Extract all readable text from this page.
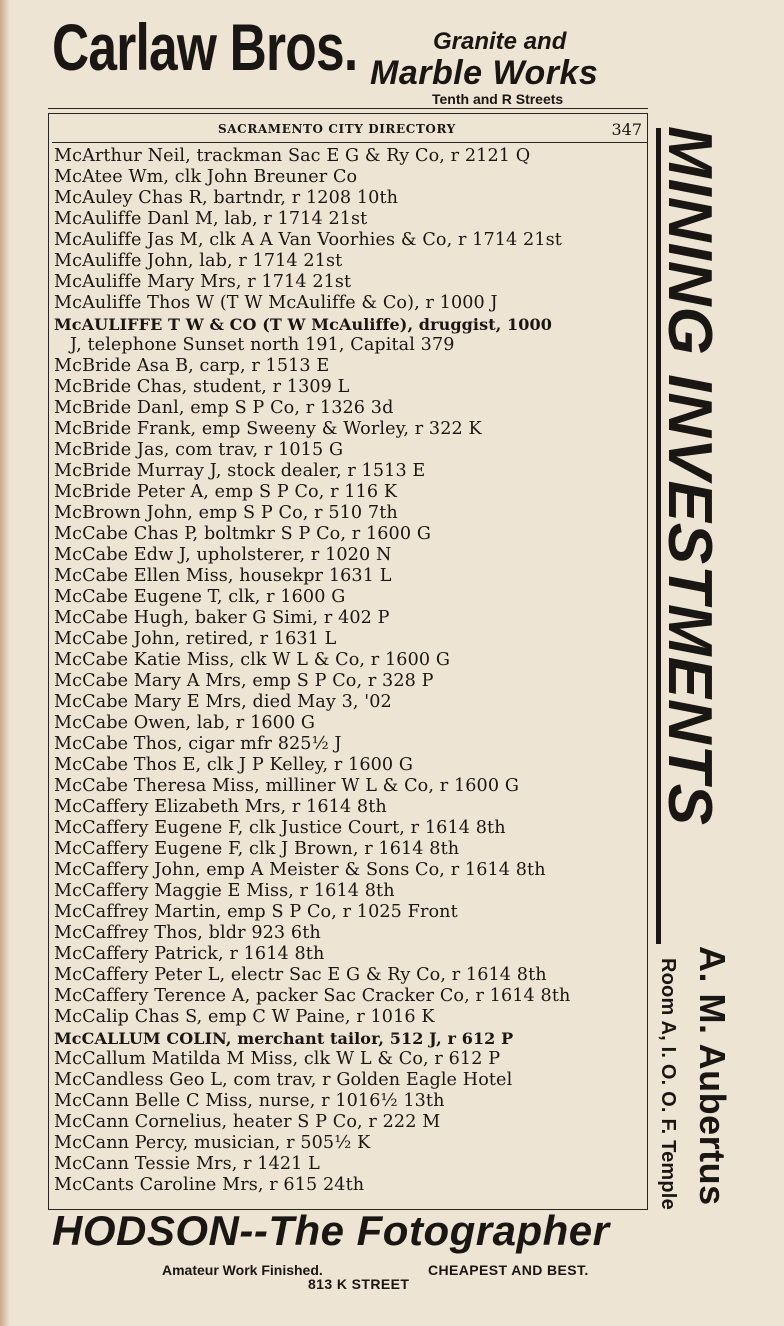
Carlaw Bros.	Granite and
Marble Works
Tenth and R Streets
SACRAMENTO CITY DIRECTORY	347
McArthur Neil, trackman Sac E G & Ry Co, r 2121 Q
McAtee Wm, clk John Breuner Co
McAuley Chas R, bartndr, r 1208 10th
McAuliffe Danl M, lab, r 1714 21st
McAuliffe Jas M, clk A A Van Voorhies & Co, r 1714 21st
McAuliffe John, lab, r 1714 21st
McAuliffe Mary Mrs, r 1714 21st
McAuliffe Thos W (T W McAuliffe & Co), r 1000 J
McAULIFFE T W & CO (T W McAuliffe), druggist, 1000
J, telephone Sunset north 191, Capital 379
McBride Asa B, carp, r 1513 E
McBride Chas, student, r 1309 L
McBride Danl, emp S P Co, r 1326 3d
McBride Frank, emp Sweeny & Worley, r 322 K
McBride Jas, com trav, r 1015 G
McBride Murray J, stock dealer, r 1513 E
McBride Peter A, emp S P Co, r 116 K
McBrown John, emp S P Co, r 510 7th
McCabe Chas P, boltmkr S P Co, r 1600 G
McCabe Edw J, upholsterer, r 1020 N
McCabe Ellen Miss, housekpr 1631 L
McCabe Eugene T, clk, r 1600 G
McCabe Hugh, baker G Simi, r 402 P
McCabe John, retired, r 1631 L
McCabe Katie Miss, clk W L & Co, r 1600 G
McCabe Mary A Mrs, emp S P Co, r 328 P
McCabe Mary E Mrs, died May 3, '02
McCabe Owen, lab, r 1600 G
McCabe Thos, cigar mfr 825½ J
McCabe Thos E, clk J P Kelley, r 1600 G
McCabe Theresa Miss, milliner W L & Co, r 1600 G
McCaffery Elizabeth Mrs, r 1614 8th
McCaffery Eugene F, clk Justice Court, r 1614 8th
McCaffery Eugene F, clk J Brown, r 1614 8th
McCaffery John, emp A Meister & Sons Co, r 1614 8th
McCaffery Maggie E Miss, r 1614 8th
McCaffrey Martin, emp S P Co, r 1025 Front
McCaffrey Thos, bldr 923 6th
McCaffery Patrick, r 1614 8th
McCaffery Peter L, electr Sac E G & Ry Co, r 1614 8th
McCaffery Terence A, packer Sac Cracker Co, r 1614 8th
McCalip Chas S, emp C W Paine, r 1016 K
McCALLUM COLIN, merchant tailor, 512 J, r 612 P
McCallum Matilda M Miss, clk W L & Co, r 612 P
McCandless Geo L, com trav, r Golden Eagle Hotel
McCann Belle C Miss, nurse, r 1016½ 13th
McCann Cornelius, heater S P Co, r 222 M
McCann Percy, musician, r 505½ K
McCann Tessie Mrs, r 1421 L
McCants Caroline Mrs, r 615 24th
MINING INVESTMENTS
A. M. Aubertus
Room A, I. O. O. F. Temple
HODSON--The Fotographer
Amateur Work Finished.	CHEAPEST AND BEST.
813 K STREET
